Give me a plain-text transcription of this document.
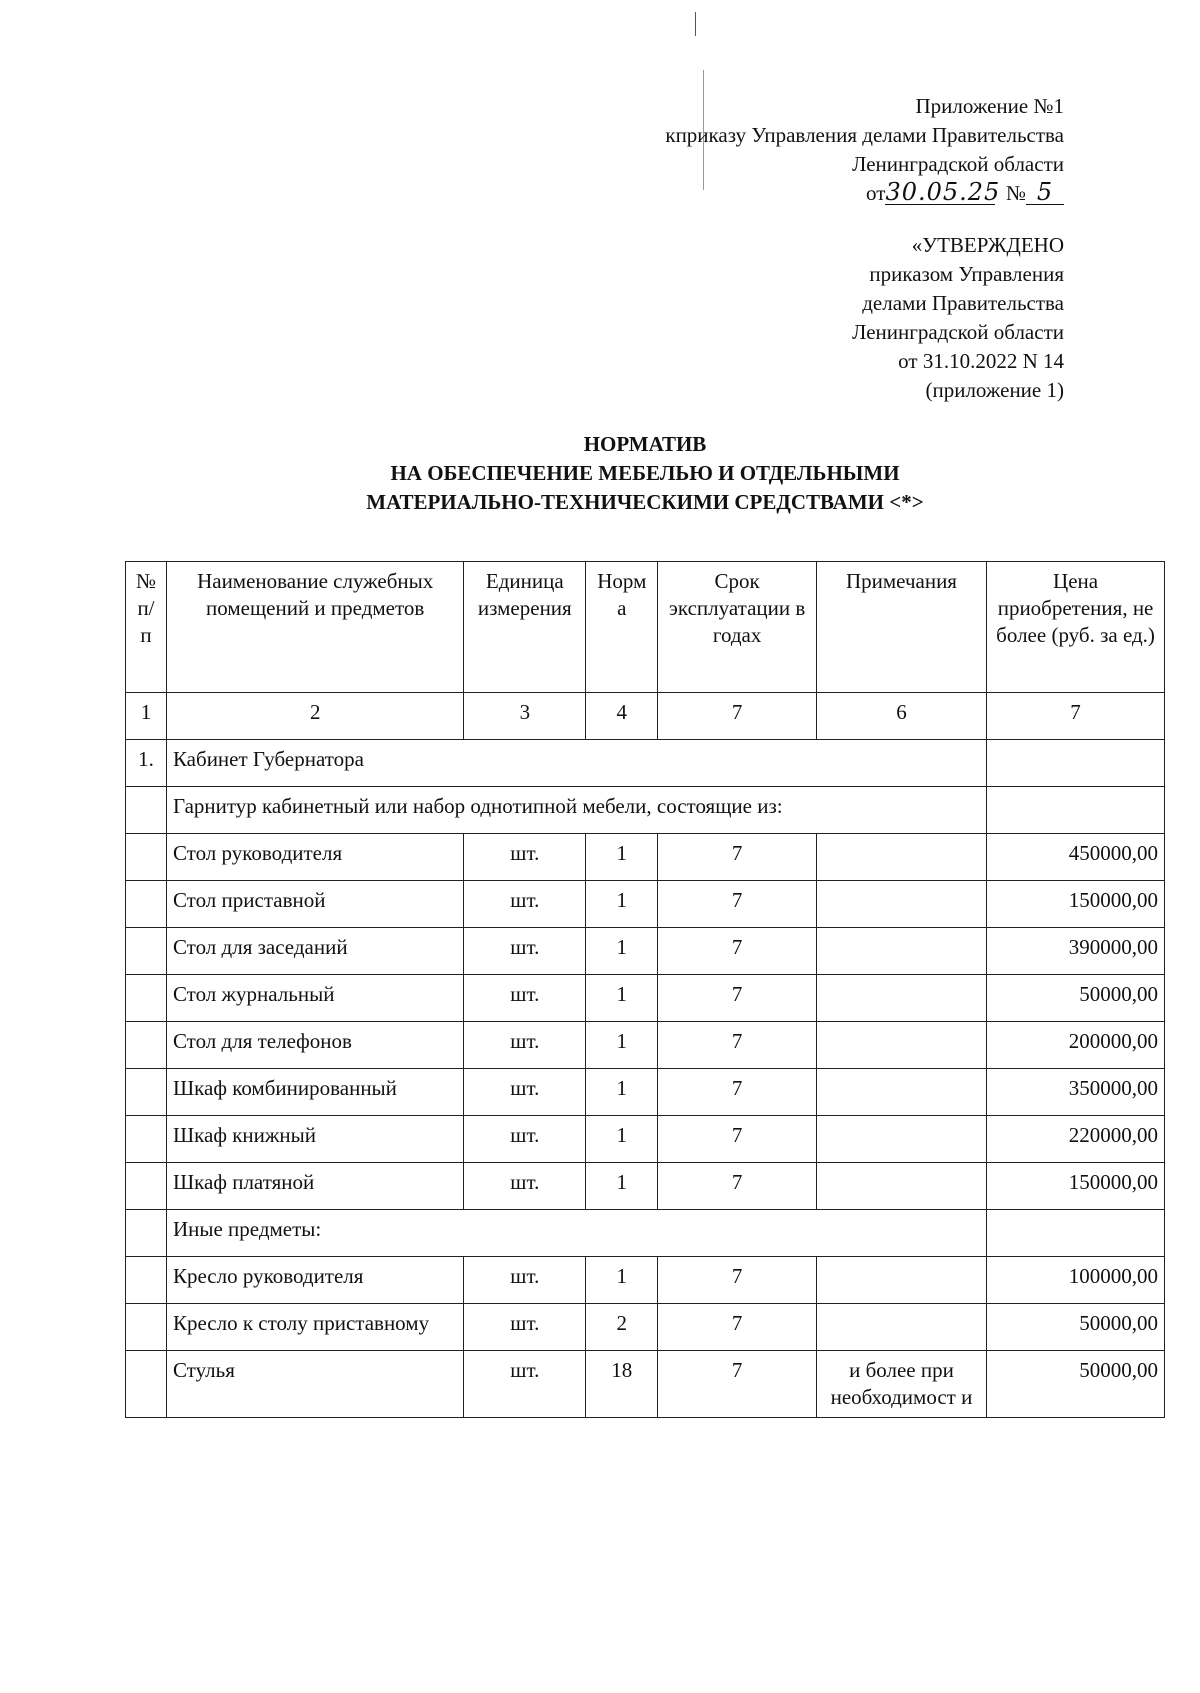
Приложение №1
кприказу Управления делами Правительства
Ленинградской области
от30.05.25 № 5
«УТВЕРЖДЕНО
приказом Управления
делами Правительства
Ленинградской области
от 31.10.2022 N 14
(приложение 1)
НОРМАТИВ
НА ОБЕСПЕЧЕНИЕ МЕБЕЛЬЮ И ОТДЕЛЬНЫМИ
МАТЕРИАЛЬНО-ТЕХНИЧЕСКИМИ СРЕДСТВАМИ <*>
№ п/п	Наименование служебных помещений и предметов	Единица измерения	Норм а	Срок эксплуатации в годах	Примечания	Цена приобретения, не более (руб. за ед.)
1	2	3	4	7	6	7
1.	Кабинет Губернатора					
	Гарнитур кабинетный или набор однотипной мебели, состоящие из:					
	Стол руководителя	шт.	1	7		450000,00
	Стол приставной	шт.	1	7		150000,00
	Стол для заседаний	шт.	1	7		390000,00
	Стол журнальный	шт.	1	7		50000,00
	Стол для телефонов	шт.	1	7		200000,00
	Шкаф комбинированный	шт.	1	7		350000,00
	Шкаф книжный	шт.	1	7		220000,00
	Шкаф платяной	шт.	1	7		150000,00
	Иные предметы:					
	Кресло руководителя	шт.	1	7		100000,00
	Кресло к столу приставному	шт.	2	7		50000,00
	Стулья	шт.	18	7	и более при необходимост и	50000,00
